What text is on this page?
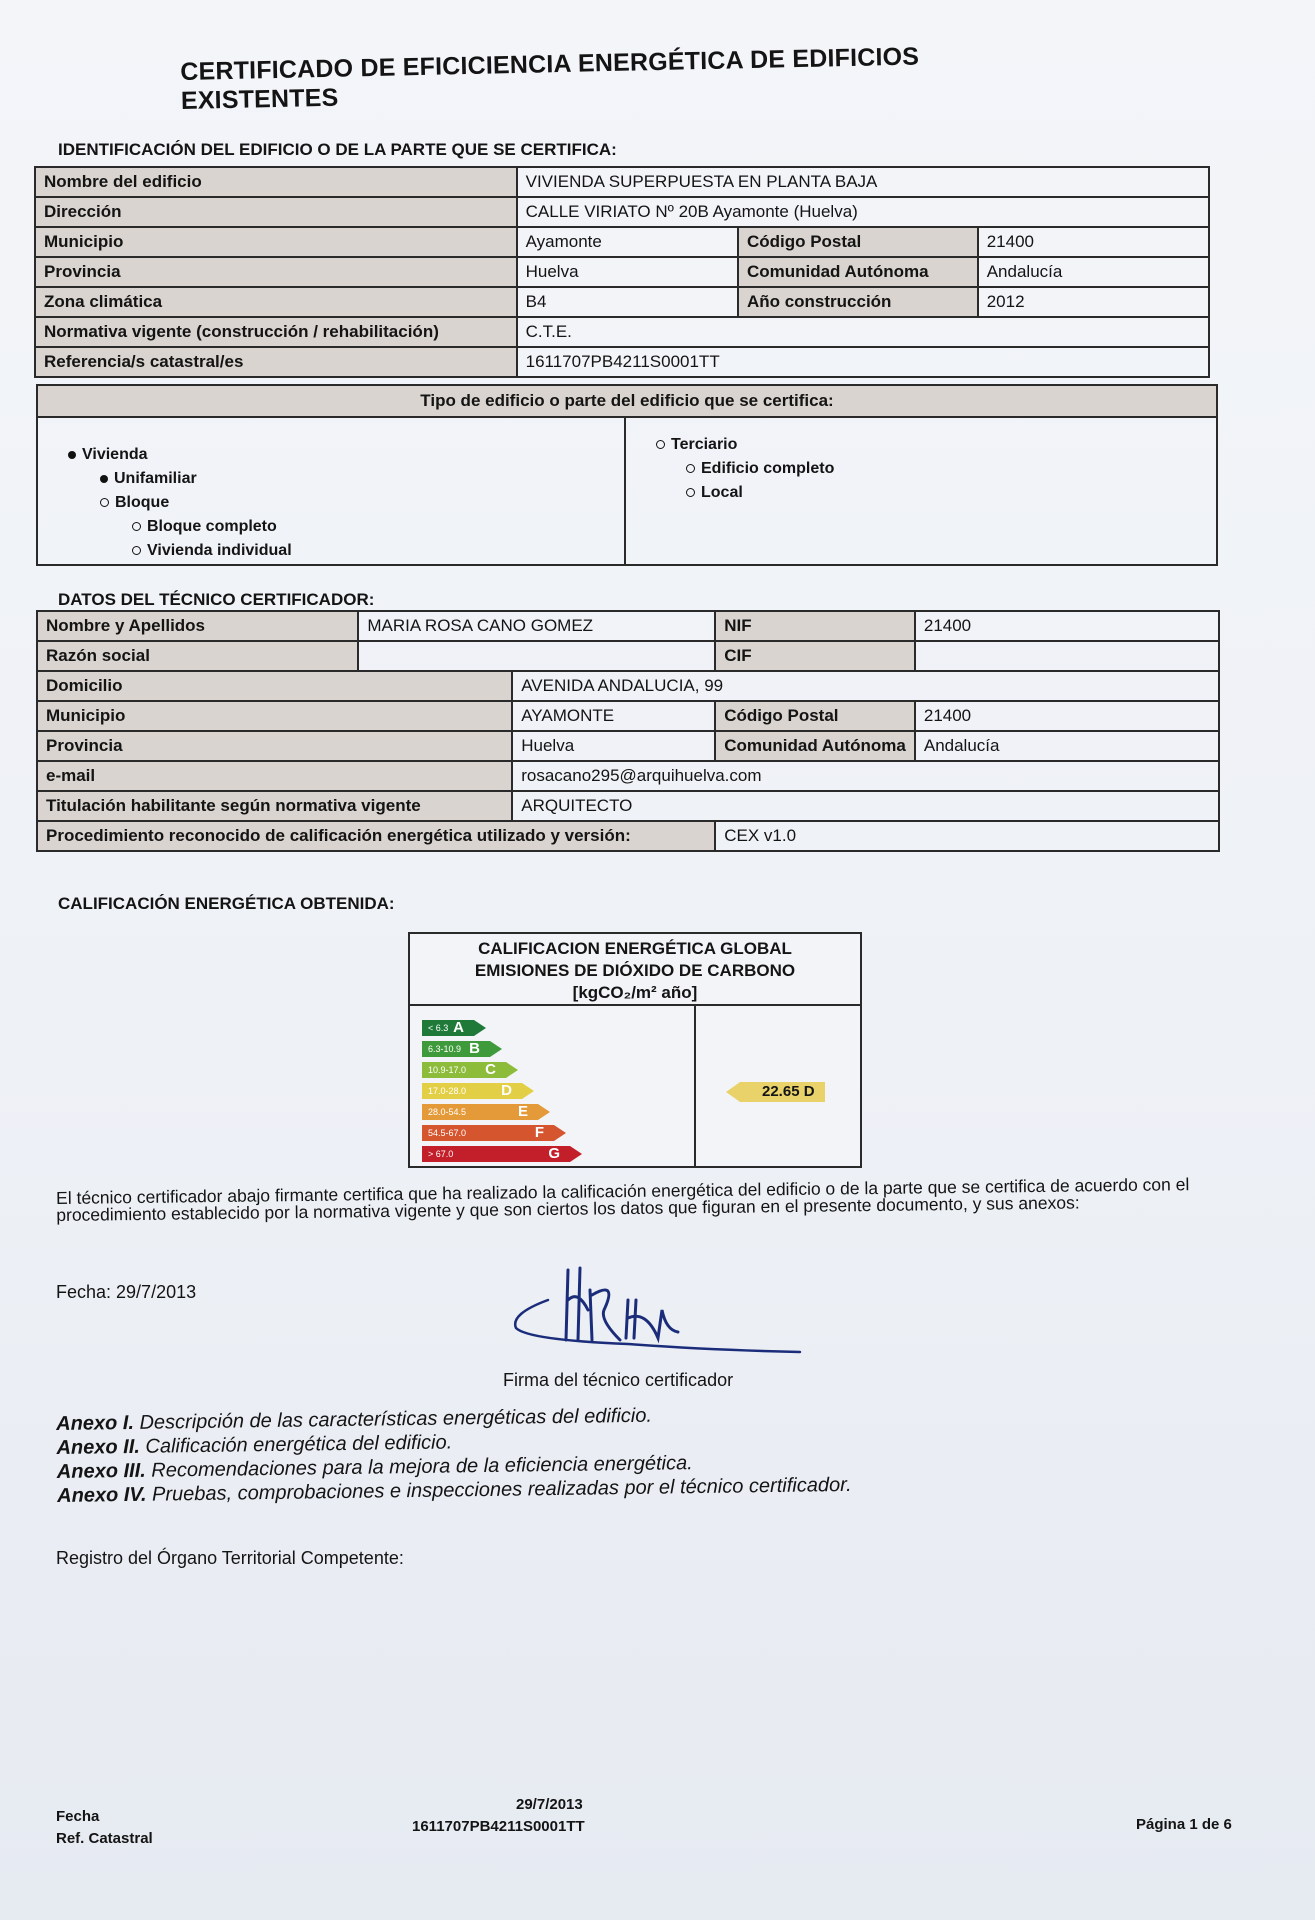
CERTIFICADO DE EFICICIENCIA ENERGÉTICA DE EDIFICIOS EXISTENTES
IDENTIFICACIÓN DEL EDIFICIO O DE LA PARTE QUE SE CERTIFICA:
Nombre del edificio	VIVIENDA SUPERPUESTA EN PLANTA BAJA		
Dirección	CALLE VIRIATO Nº 20B Ayamonte (Huelva)		
Municipio	Ayamonte	Código Postal	21400
Provincia	Huelva	Comunidad Autónoma	Andalucía
Zona climática	B4	Año construcción	2012
Normativa vigente (construcción / rehabilitación)	C.T.E.		
Referencia/s catastral/es	1611707PB4211S0001TT		
Tipo de edificio o parte del edificio que se certifica:
Vivienda
Unifamiliar
Bloque
Bloque completo
Vivienda individual
Terciario
Edificio completo
Local
DATOS DEL TÉCNICO CERTIFICADOR:
Nombre y Apellidos	MARIA ROSA CANO GOMEZ		NIF	21400
Razón social			CIF	
Domicilio		AVENIDA ANDALUCIA, 99		
Municipio		AYAMONTE	Código Postal	21400
Provincia		Huelva	Comunidad Autónoma	Andalucía
e-mail		rosacano295@arquihuelva.com		
Titulación habilitante según normativa vigente		ARQUITECTO		
Procedimiento reconocido de calificación energética utilizado y versión:			CEX v1.0	
CALIFICACIÓN ENERGÉTICA OBTENIDA:
CALIFICACION ENERGÉTICA GLOBAL
EMISIONES DE DIÓXIDO DE CARBONO
[kgCO₂/m² año]
< 6.3 A
6.3-10.9 B
10.9-17.0 C
17.0-28.0 D
28.0-54.5	E
54.5-67.0	F
> 67.0	G
22.65 D
El técnico certificador abajo firmante certifica que ha realizado la calificación energética del edificio o de la parte que se certifica de acuerdo con el procedimiento establecido por la normativa vigente y que son ciertos los datos que figuran en el presente documento, y sus anexos:
Fecha: 29/7/2013
Firma del técnico certificador
Anexo I. Descripción de las características energéticas del edificio.
Anexo II. Calificación energética del edificio.
Anexo III. Recomendaciones para la mejora de la eficiencia energética.
Anexo IV. Pruebas, comprobaciones e inspecciones realizadas por el técnico certificador.
Registro del Órgano Territorial Competente:
Fecha
Ref. Catastral
29/7/2013
1611707PB4211S0001TT	Página 1 de 6
